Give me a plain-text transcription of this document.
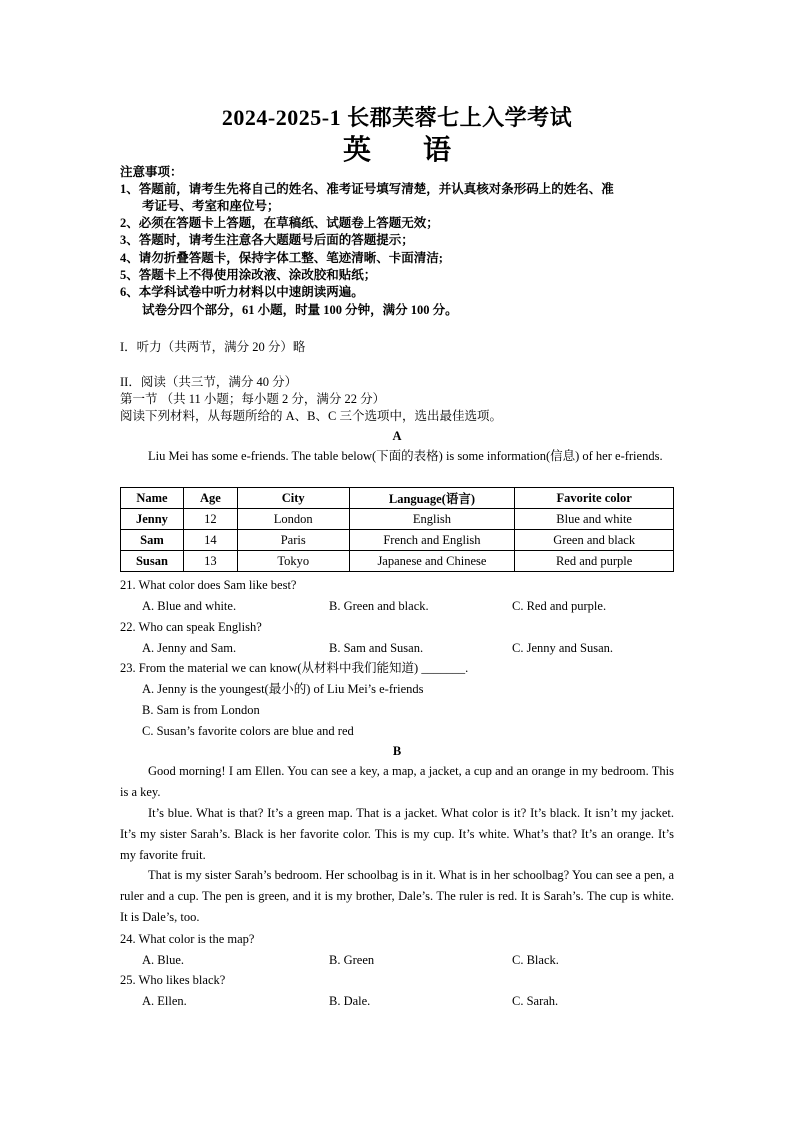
2024-2025-1 长郡芙蓉七上入学考试
英 语
注意事项：
1、答题前，请考生先将自己的姓名、准考证号填写清楚，并认真核对条形码上的姓名、准
考证号、考室和座位号；
2、必须在答题卡上答题，在草稿纸、试题卷上答题无效；
3、答题时，请考生注意各大题题号后面的答题提示；
4、请勿折叠答题卡，保持字体工整、笔迹清晰、卡面清洁;
5、答题卡上不得使用涂改液、涂改胶和贴纸；
6、本学科试卷中听力材料以中速朗读两遍。
试卷分四个部分，61 小题，时量 100 分钟，满分 100 分。
I．听力（共两节，满分 20 分）略
II．阅读（共三节，满分 40 分）
第一节 （共 11 小题；每小题 2 分，满分 22 分）
阅读下列材料，从每题所给的 A、B、C 三个选项中，选出最佳选项。
A
Liu Mei has some e-friends. The table below(下面的表格) is some information(信息) of her e-friends.
Name	Age	City	Language(语言)	Favorite color
Jenny	12	London	English	Blue and white
Sam	14	Paris	French and English	Green and black
Susan	13	Tokyo	Japanese and Chinese	Red and purple
21. What color does Sam like best?
A. Blue and white.	B. Green and black.	C. Red and purple.
22. Who can speak English?
A. Jenny and Sam.	B. Sam and Susan.	C. Jenny and Susan.
23. From the material we can know(从材料中我们能知道) _______.
A. Jenny is the youngest(最小的) of Liu Mei’s e-friends
B. Sam is from London
C. Susan’s favorite colors are blue and red
B
Good morning! I am Ellen. You can see a key, a map, a jacket, a cup and an orange in my bedroom. This is a key.
It’s blue. What is that? It’s a green map. That is a jacket. What color is it? It’s black. It isn’t my jacket. It’s my sister Sarah’s. Black is her favorite color. This is my cup. It’s white. What’s that? It’s an orange. It’s my favorite fruit.
That is my sister Sarah’s bedroom. Her schoolbag is in it. What is in her schoolbag? You can see a pen, a ruler and a cup. The pen is green, and it is my brother, Dale’s. The ruler is red. It is Sarah’s. The cup is white. It is Dale’s, too.
24. What color is the map?
A. Blue.	B. Green	C. Black.
25. Who likes black?
A. Ellen.	B. Dale.	C. Sarah.
